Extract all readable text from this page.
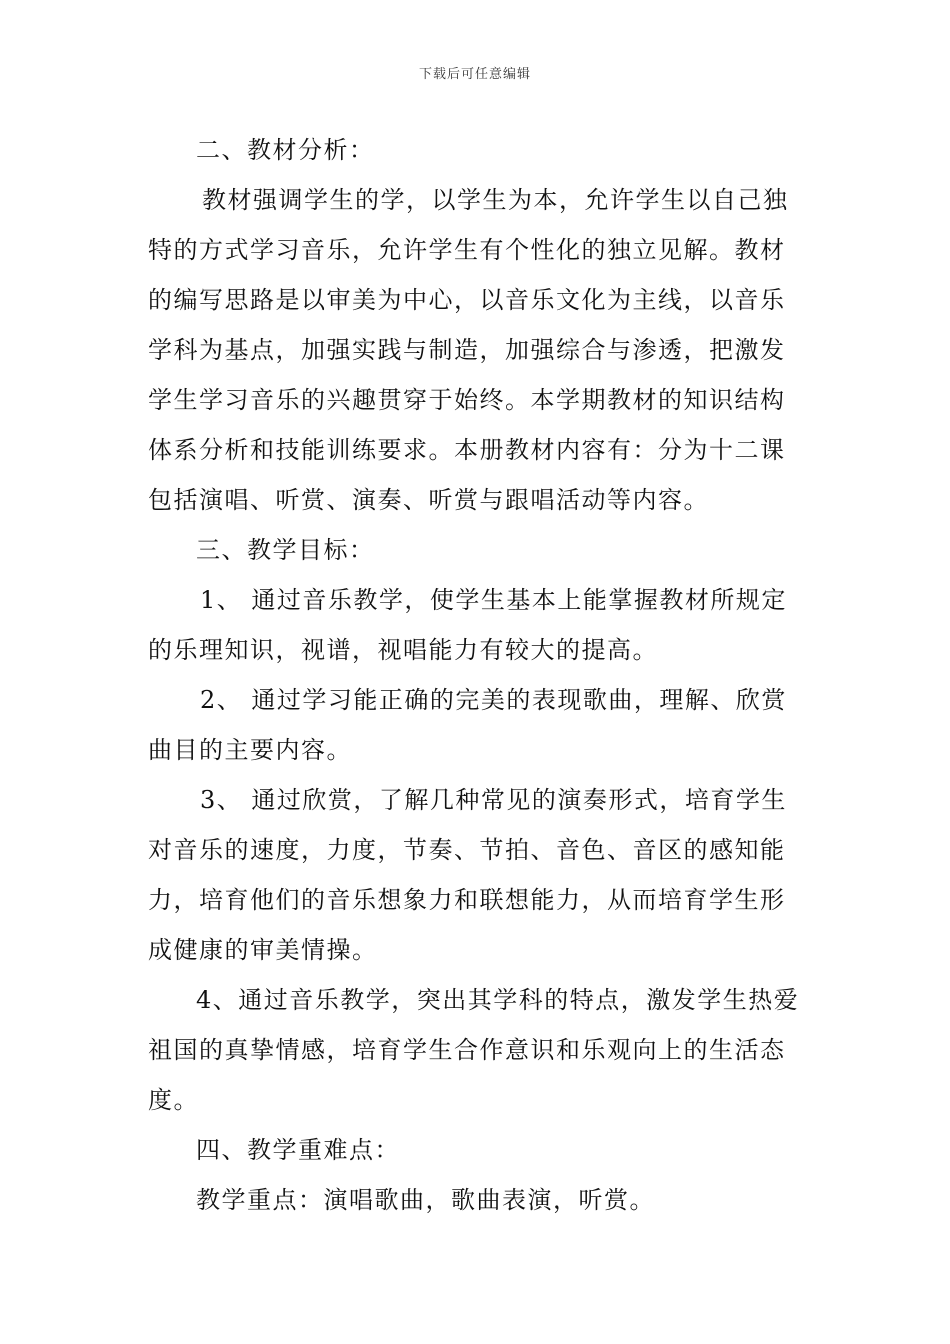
下载后可任意编辑
二、教材分析：
教材强调学生的学，以学生为本，允许学生以自己独
特的方式学习音乐，允许学生有个性化的独立见解。教材
的编写思路是以审美为中心，以音乐文化为主线，以音乐
学科为基点，加强实践与制造，加强综合与渗透，把激发
学生学习音乐的兴趣贯穿于始终。本学期教材的知识结构
体系分析和技能训练要求。本册教材内容有：分为十二课
包括演唱、听赏、演奏、听赏与跟唱活动等内容。
三、教学目标：
1、 通过音乐教学，使学生基本上能掌握教材所规定
的乐理知识，视谱，视唱能力有较大的提高。
2、 通过学习能正确的完美的表现歌曲，理解、欣赏
曲目的主要内容。
3、 通过欣赏，了解几种常见的演奏形式，培育学生
对音乐的速度，力度，节奏、节拍、音色、音区的感知能
力，培育他们的音乐想象力和联想能力，从而培育学生形
成健康的审美情操。
4、通过音乐教学，突出其学科的特点，激发学生热爱
祖国的真挚情感，培育学生合作意识和乐观向上的生活态
度。
四、教学重难点：
教学重点：演唱歌曲，歌曲表演，听赏。
